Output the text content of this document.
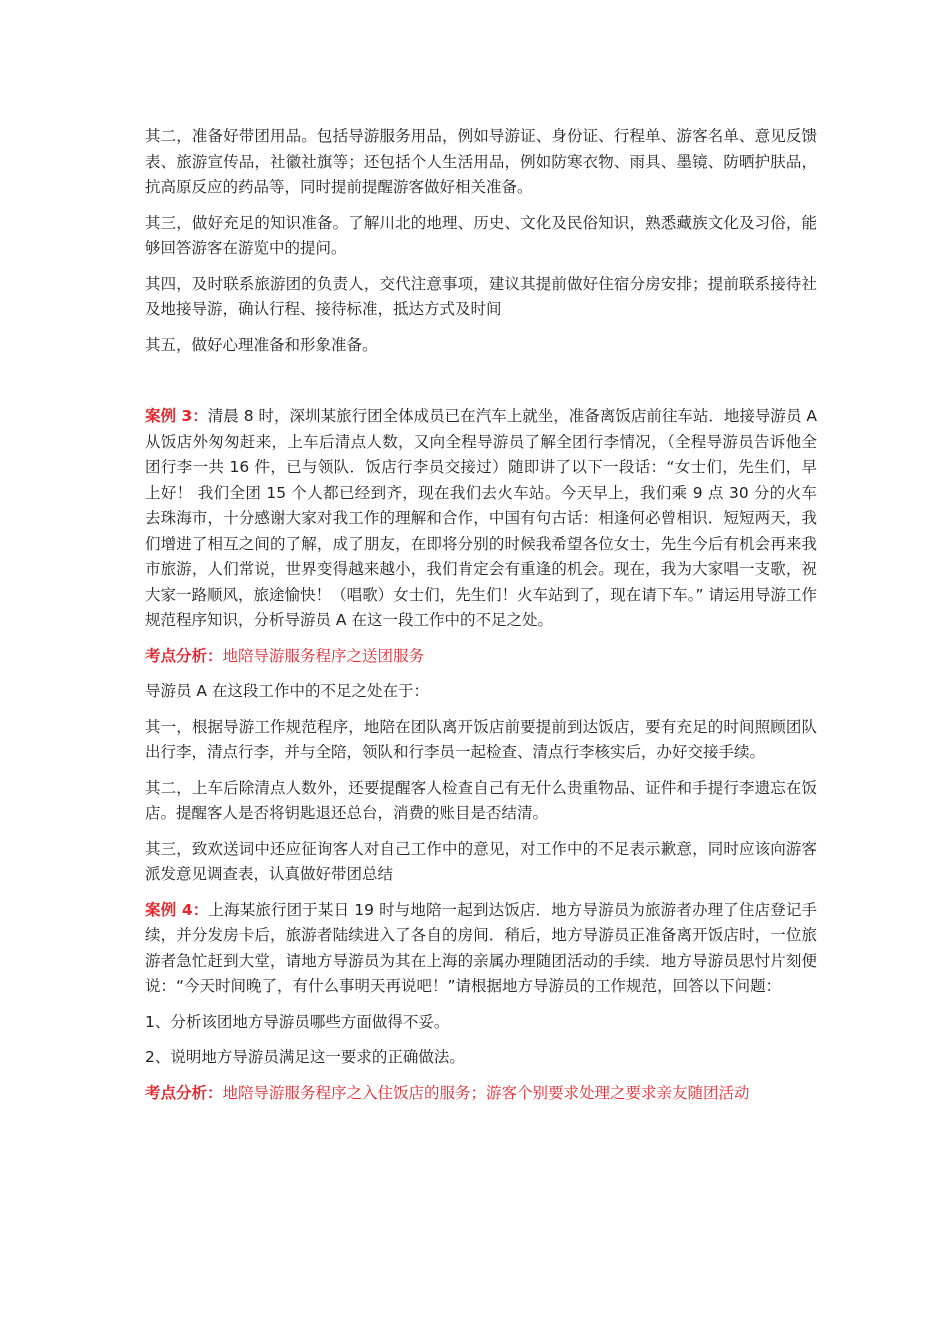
其二，准备好带团用品。包括导游服务用品，例如导游证、身份证、行程单、游客名单、意见反馈表、旅游宣传品，社徽社旗等；还包括个人生活用品，例如防寒衣物、雨具、墨镜、防晒护肤品，抗高原反应的药品等，同时提前提醒游客做好相关准备。

其三，做好充足的知识准备。了解川北的地理、历史、文化及民俗知识，熟悉藏族文化及习俗，能够回答游客在游览中的提问。

其四，及时联系旅游团的负责人，交代注意事项，建议其提前做好住宿分房安排；提前联系接待社及地接导游，确认行程、接待标准，抵达方式及时间

其五，做好心理准备和形象准备。

案例 3：清晨 8 时，深圳某旅行团全体成员已在汽车上就坐，准备离饭店前往车站．地接导游员 A 从饭店外匆匆赶来，上车后清点人数，又向全程导游员了解全团行李情况，（全程导游员告诉他全团行李一共 16 件，已与领队．饭店行李员交接过）随即讲了以下一段话：“女士们，先生们，早上好！ 我们全团 15 个人都已经到齐，现在我们去火车站。今天早上，我们乘 9 点 30 分的火车去珠海市，十分感谢大家对我工作的理解和合作，中国有句古话：相逢何必曾相识．短短两天，我们增进了相互之间的了解，成了朋友，在即将分别的时候我希望各位女士，先生今后有机会再来我市旅游，人们常说，世界变得越来越小，我们肯定会有重逢的机会。现在，我为大家唱一支歌，祝大家一路顺风，旅途愉快！（唱歌）女士们，先生们！火车站到了，现在请下车。” 请运用导游工作规范程序知识，分析导游员 A 在这一段工作中的不足之处。

考点分析：地陪导游服务程序之送团服务

导游员 A 在这段工作中的不足之处在于：

其一，根据导游工作规范程序，地陪在团队离开饭店前要提前到达饭店，要有充足的时间照顾团队出行李，清点行李，并与全陪，领队和行李员一起检查、清点行李核实后，办好交接手续。

其二，上车后除清点人数外，还要提醒客人检查自己有无什么贵重物品、证件和手提行李遗忘在饭店。提醒客人是否将钥匙退还总台，消费的账目是否结清。

其三，致欢送词中还应征询客人对自己工作中的意见，对工作中的不足表示歉意，同时应该向游客派发意见调查表，认真做好带团总结

案例 4：上海某旅行团于某日 19 时与地陪一起到达饭店．地方导游员为旅游者办理了住店登记手续，并分发房卡后，旅游者陆续进入了各自的房间．稍后，地方导游员正准备离开饭店时，一位旅游者急忙赶到大堂，请地方导游员为其在上海的亲属办理随团活动的手续．地方导游员思忖片刻便说：“今天时间晚了，有什么事明天再说吧！”请根据地方导游员的工作规范，回答以下问题：

1、分析该团地方导游员哪些方面做得不妥。

2、说明地方导游员满足这一要求的正确做法。

考点分析：地陪导游服务程序之入住饭店的服务；游客个别要求处理之要求亲友随团活动
